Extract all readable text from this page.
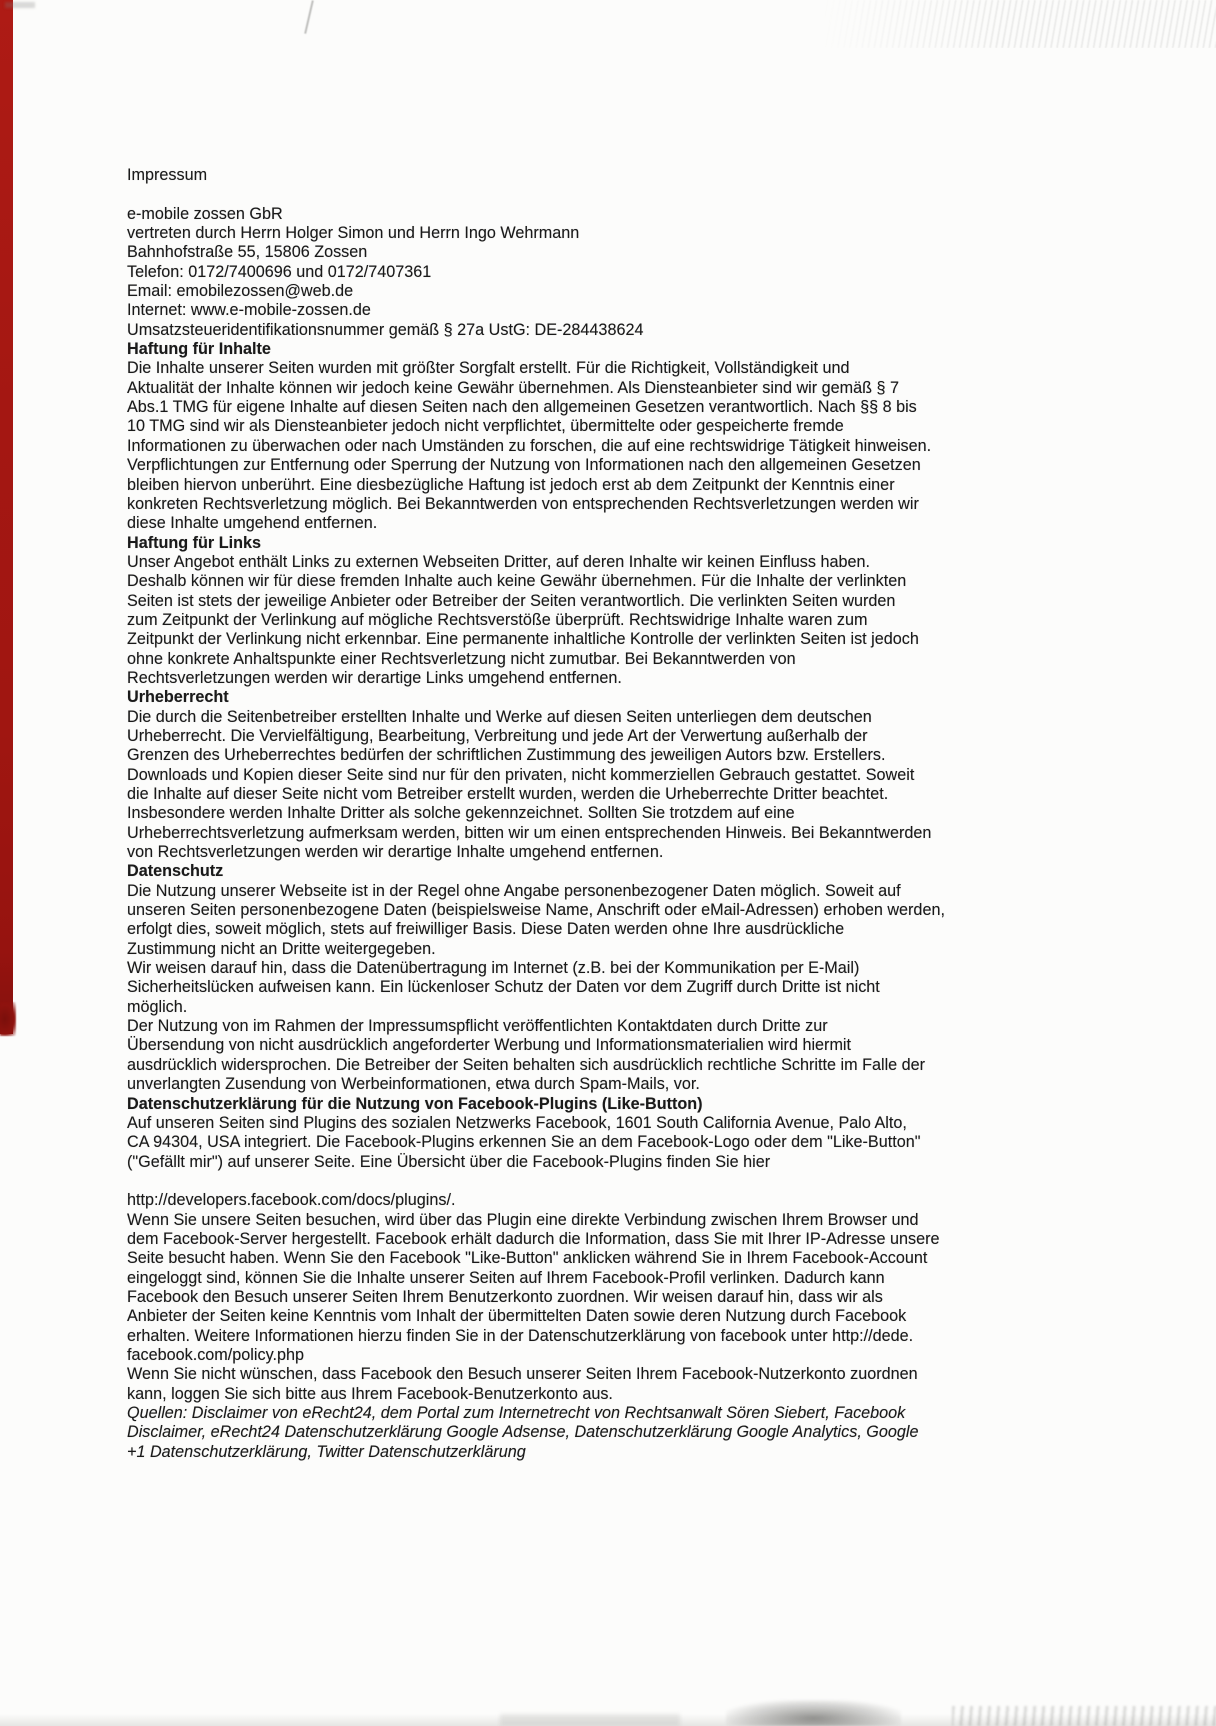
Impressum
e-mobile zossen GbR
vertreten durch Herrn Holger Simon und Herrn Ingo Wehrmann
Bahnhofstraße 55, 15806 Zossen
Telefon: 0172/7400696 und 0172/7407361
Email: emobilezossen@web.de
Internet: www.e-mobile-zossen.de
Umsatzsteueridentifikationsnummer gemäß § 27a UstG: DE-284438624
Haftung für Inhalte
Die Inhalte unserer Seiten wurden mit größter Sorgfalt erstellt. Für die Richtigkeit, Vollständigkeit und
Aktualität der Inhalte können wir jedoch keine Gewähr übernehmen. Als Diensteanbieter sind wir gemäß § 7
Abs.1 TMG für eigene Inhalte auf diesen Seiten nach den allgemeinen Gesetzen verantwortlich. Nach §§ 8 bis
10 TMG sind wir als Diensteanbieter jedoch nicht verpflichtet, übermittelte oder gespeicherte fremde
Informationen zu überwachen oder nach Umständen zu forschen, die auf eine rechtswidrige Tätigkeit hinweisen.
Verpflichtungen zur Entfernung oder Sperrung der Nutzung von Informationen nach den allgemeinen Gesetzen
bleiben hiervon unberührt. Eine diesbezügliche Haftung ist jedoch erst ab dem Zeitpunkt der Kenntnis einer
konkreten Rechtsverletzung möglich. Bei Bekanntwerden von entsprechenden Rechtsverletzungen werden wir
diese Inhalte umgehend entfernen.
Haftung für Links
Unser Angebot enthält Links zu externen Webseiten Dritter, auf deren Inhalte wir keinen Einfluss haben.
Deshalb können wir für diese fremden Inhalte auch keine Gewähr übernehmen. Für die Inhalte der verlinkten
Seiten ist stets der jeweilige Anbieter oder Betreiber der Seiten verantwortlich. Die verlinkten Seiten wurden
zum Zeitpunkt der Verlinkung auf mögliche Rechtsverstöße überprüft. Rechtswidrige Inhalte waren zum
Zeitpunkt der Verlinkung nicht erkennbar. Eine permanente inhaltliche Kontrolle der verlinkten Seiten ist jedoch
ohne konkrete Anhaltspunkte einer Rechtsverletzung nicht zumutbar. Bei Bekanntwerden von
Rechtsverletzungen werden wir derartige Links umgehend entfernen.
Urheberrecht
Die durch die Seitenbetreiber erstellten Inhalte und Werke auf diesen Seiten unterliegen dem deutschen
Urheberrecht. Die Vervielfältigung, Bearbeitung, Verbreitung und jede Art der Verwertung außerhalb der
Grenzen des Urheberrechtes bedürfen der schriftlichen Zustimmung des jeweiligen Autors bzw. Erstellers.
Downloads und Kopien dieser Seite sind nur für den privaten, nicht kommerziellen Gebrauch gestattet. Soweit
die Inhalte auf dieser Seite nicht vom Betreiber erstellt wurden, werden die Urheberrechte Dritter beachtet.
Insbesondere werden Inhalte Dritter als solche gekennzeichnet. Sollten Sie trotzdem auf eine
Urheberrechtsverletzung aufmerksam werden, bitten wir um einen entsprechenden Hinweis. Bei Bekanntwerden
von Rechtsverletzungen werden wir derartige Inhalte umgehend entfernen.
Datenschutz
Die Nutzung unserer Webseite ist in der Regel ohne Angabe personenbezogener Daten möglich. Soweit auf
unseren Seiten personenbezogene Daten (beispielsweise Name, Anschrift oder eMail-Adressen) erhoben werden,
erfolgt dies, soweit möglich, stets auf freiwilliger Basis. Diese Daten werden ohne Ihre ausdrückliche
Zustimmung nicht an Dritte weitergegeben.
Wir weisen darauf hin, dass die Datenübertragung im Internet (z.B. bei der Kommunikation per E-Mail)
Sicherheitslücken aufweisen kann. Ein lückenloser Schutz der Daten vor dem Zugriff durch Dritte ist nicht
möglich.
Der Nutzung von im Rahmen der Impressumspflicht veröffentlichten Kontaktdaten durch Dritte zur
Übersendung von nicht ausdrücklich angeforderter Werbung und Informationsmaterialien wird hiermit
ausdrücklich widersprochen. Die Betreiber der Seiten behalten sich ausdrücklich rechtliche Schritte im Falle der
unverlangten Zusendung von Werbeinformationen, etwa durch Spam-Mails, vor.
Datenschutzerklärung für die Nutzung von Facebook-Plugins (Like-Button)
Auf unseren Seiten sind Plugins des sozialen Netzwerks Facebook, 1601 South California Avenue, Palo Alto,
CA 94304, USA integriert. Die Facebook-Plugins erkennen Sie an dem Facebook-Logo oder dem "Like-Button"
("Gefällt mir") auf unserer Seite. Eine Übersicht über die Facebook-Plugins finden Sie hier
http://developers.facebook.com/docs/plugins/.
Wenn Sie unsere Seiten besuchen, wird über das Plugin eine direkte Verbindung zwischen Ihrem Browser und
dem Facebook-Server hergestellt. Facebook erhält dadurch die Information, dass Sie mit Ihrer IP-Adresse unsere
Seite besucht haben. Wenn Sie den Facebook "Like-Button" anklicken während Sie in Ihrem Facebook-Account
eingeloggt sind, können Sie die Inhalte unserer Seiten auf Ihrem Facebook-Profil verlinken. Dadurch kann
Facebook den Besuch unserer Seiten Ihrem Benutzerkonto zuordnen. Wir weisen darauf hin, dass wir als
Anbieter der Seiten keine Kenntnis vom Inhalt der übermittelten Daten sowie deren Nutzung durch Facebook
erhalten. Weitere Informationen hierzu finden Sie in der Datenschutzerklärung von facebook unter http://dede.
facebook.com/policy.php
Wenn Sie nicht wünschen, dass Facebook den Besuch unserer Seiten Ihrem Facebook-Nutzerkonto zuordnen
kann, loggen Sie sich bitte aus Ihrem Facebook-Benutzerkonto aus.
Quellen: Disclaimer von eRecht24, dem Portal zum Internetrecht von Rechtsanwalt Sören Siebert, Facebook
Disclaimer, eRecht24 Datenschutzerklärung Google Adsense, Datenschutzerklärung Google Analytics, Google
+1 Datenschutzerklärung, Twitter Datenschutzerklärung
